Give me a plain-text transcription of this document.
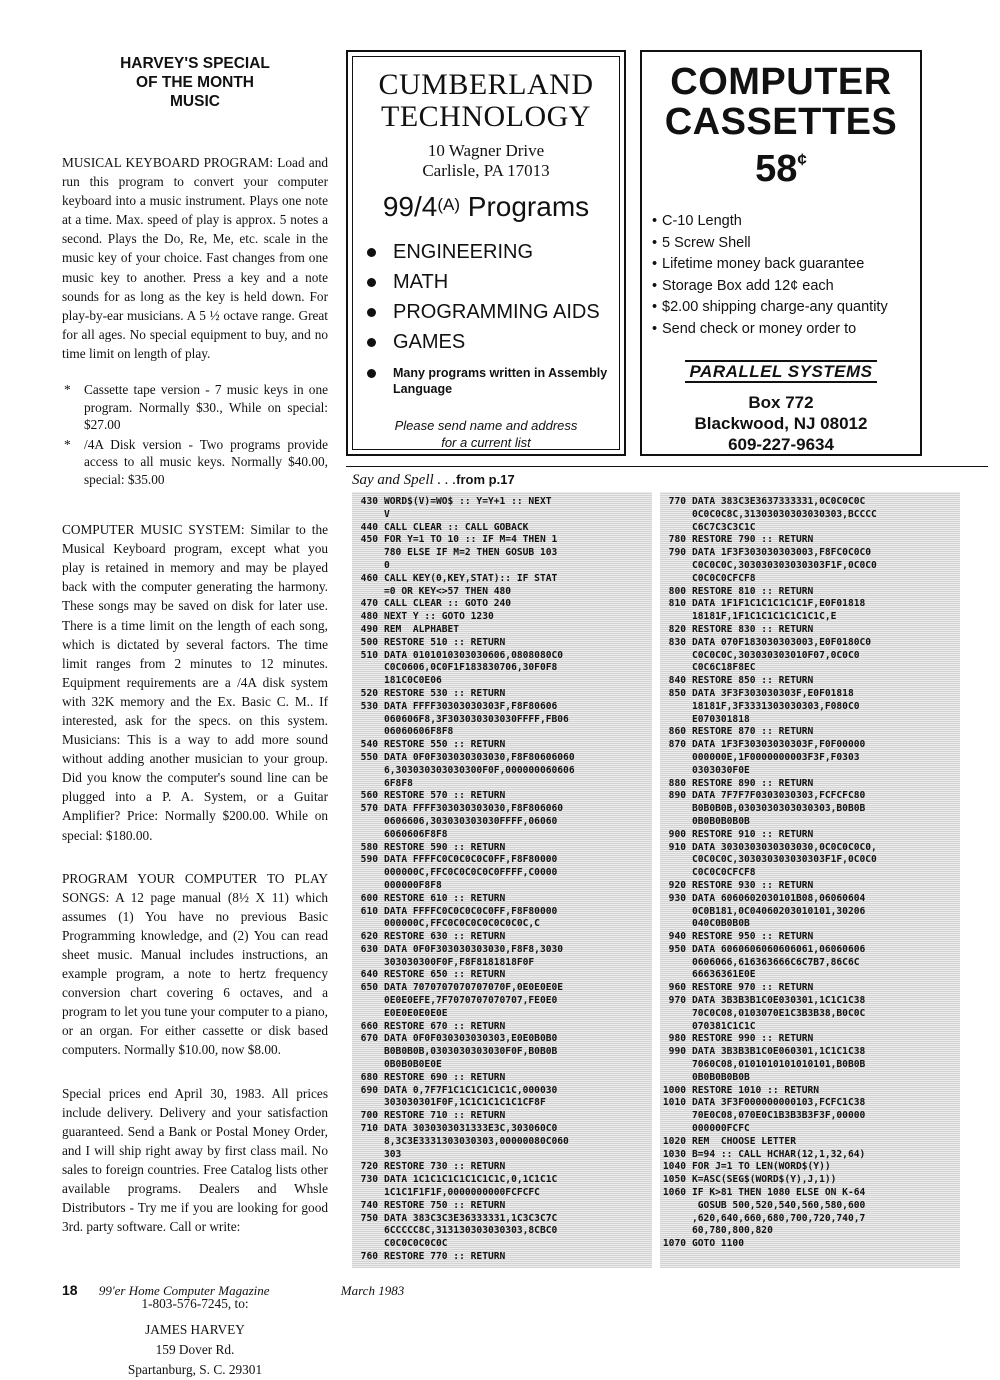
HARVEY'S SPECIAL
OF THE MONTH
MUSIC

MUSICAL KEYBOARD PROGRAM: Load and run this program to convert your computer keyboard into a music instrument. Plays one note at a time. Max. speed of play is approx. 5 notes a second. Plays the Do, Re, Me, etc. scale in the music key of your choice. Fast changes from one music key to another. Press a key and a note sounds for as long as the key is held down. For play-by-ear musicians. A 5 ½ octave range. Great for all ages. No special equipment to buy, and no time limit on length of play.

* Cassette tape version - 7 music keys in one program. Normally $30., While on special: $27.00
* /4A Disk version - Two programs provide access to all music keys. Normally $40.00, special: $35.00

COMPUTER MUSIC SYSTEM: Similar to the Musical Keyboard program, except what you play is retained in memory and may be played back with the computer generating the harmony. These songs may be saved on disk for later use. There is a time limit on the length of each song, which is dictated by several factors. The time limit ranges from 2 minutes to 12 minutes. Equipment requirements are a /4A disk system with 32K memory and the Ex. Basic C. M.. If interested, ask for the specs. on this system. Musicians: This is a way to add more sound without adding another musician to your group. Did you know the computer's sound line can be plugged into a P. A. System, or a Guitar Amplifier? Price: Normally $200.00. While on special: $180.00.

PROGRAM YOUR COMPUTER TO PLAY SONGS: A 12 page manual (8½ X 11) which assumes (1) You have no previous Basic Programming knowledge, and (2) You can read sheet music. Manual includes instructions, an example program, a note to hertz frequency conversion chart covering 6 octaves, and a program to let you tune your computer to a piano, or an organ. For either cassette or disk based computers. Normally $10.00, now $8.00.

Special prices end April 30, 1983. All prices include delivery. Delivery and your satisfaction guaranteed. Send a Bank or Postal Money Order, and I will ship right away by first class mail. No sales to foreign countries. Free Catalog lists other available programs. Dealers and Whsle Distributors - Try me if you are looking for good 3rd. party software. Call or write:

1-803-576-7245, to:
JAMES HARVEY
159 Dover Rd.
Spartanburg, S. C. 29301
CUMBERLAND
TECHNOLOGY
10 Wagner Drive
Carlisle, PA 17013
$99/4^{(A)}$ Programs
ENGINEERING
MATH
PROGRAMMING AIDS
GAMES
Many programs written in Assembly Language
Please send name and address
for a current list
COMPUTER
CASSETTES
58¢
• C-10 Length
• 5 Screw Shell
• Lifetime money back guarantee
• Storage Box add 12¢ each
• $2.00 shipping charge-any quantity
• Send check or money order to
PARALLEL SYSTEMS
Box 772
Blackwood, NJ 08012
609-227-9634
Say and Spell . . .from p.17
430 WORD$(V)=WO$ :: Y=Y+1 :: NEXT
V
440 CALL CLEAR :: CALL GOBACK
450 FOR Y=1 TO 10 :: IF M=4 THEN 1
780 ELSE IF M=2 THEN GOSUB 103
0
460 CALL KEY(0,KEY,STAT):: IF STAT
=0 OR KEY<>57 THEN 480
470 CALL CLEAR :: GOTO 240
480 NEXT Y :: GOTO 1230
490 REM  ALPHABET
500 RESTORE 510 :: RETURN
510 DATA 0101010303030606,0808080C0
C0C0606,0C0F1F183830706,30F0F8
181C0C0E06
520 RESTORE 530 :: RETURN
530 DATA FFFF30303030303F,F8F80606
060606F8,3F303030303030FFFF,FB06
06060606F8F8
540 RESTORE 550 :: RETURN
550 DATA 0F0F303030303030,F8F80606060
6,303030303030300F0F,000000060606
6F8F8
560 RESTORE 570 :: RETURN
570 DATA FFFF303030303030,F8F806060
0606606,303030303030FFFF,06060
6060606F8F8
580 RESTORE 590 :: RETURN
590 DATA FFFFC0C0C0C0C0FF,F8F80000
000000C,FFC0C0C0C0C0FFFF,C0000
000000F8F8
600 RESTORE 610 :: RETURN
610 DATA FFFFC0C0C0C0C0FF,F8F80000
000000C,FFC0C0C0C0C0C0C0C,C
620 RESTORE 630 :: RETURN
630 DATA 0F0F303030303030,F8F8,3030
303030300F0F,F8F8181818F0F
640 RESTORE 650 :: RETURN
650 DATA 7070707070707070F,0E0E0E0E
0E0E0EFE,7F7070707070707,FE0E0
E0E0E0E0E0E
660 RESTORE 670 :: RETURN
670 DATA 0F0F030303030303,E0E0B0B0
B0B0B0B,0303030303030F0F,B0B0B
0B0B0B0E0E
680 RESTORE 690 :: RETURN
690 DATA 0,7F7F1C1C1C1C1C1C,000030
303030301F0F,1C1C1C1C1C1CF8F
700 RESTORE 710 :: RETURN
710 DATA 3030303031333E3C,303060C0
8,3C3E3331303030303,00000080C060
303
720 RESTORE 730 :: RETURN
730 DATA 1C1C1C1C1C1C1C1C,0,1C1C1C
1C1C1F1F1F,0000000000FCFCFC
740 RESTORE 750 :: RETURN
750 DATA 383C3C3E36333331,1C3C3C7C
6CCCCC8C,313130303030303,8CBC0
C0C0C0C0C0C
760 RESTORE 770 :: RETURN
770 DATA 383C3E3637333331,0C0C0C0C
0C0C0C8C,31303030303030303,BCCCC
C6C7C3C3C1C
780 RESTORE 790 :: RETURN
790 DATA 1F3F303030303003,F8FC0C0C0
C0C0C0C,303030303030303F1F,0C0C0
C0C0C0CFCF8
800 RESTORE 810 :: RETURN
810 DATA 1F1F1C1C1C1C1C1F,E0F01818
18181F,1F1C1C1C1C1C1C1C,E
820 RESTORE 830 :: RETURN
830 DATA 070F183030303003,E0F0180C0
C0C0C0C,303030303010F07,0C0C0
C0C6C18F8EC
840 RESTORE 850 :: RETURN
850 DATA 3F3F303030303F,E0F01818
18181F,3F3331303030303,F080C0
E070301818
860 RESTORE 870 :: RETURN
870 DATA 1F3F30303030303F,F0F00000
000000E,1F0000000003F3F,F0303
0303030F0E
880 RESTORE 890 :: RETURN
890 DATA 7F7F7F0303030303,FCFCFC80
B0B0B0B,0303030303030303,B0B0B
0B0B0B0B0B
900 RESTORE 910 :: RETURN
910 DATA 3030303030303030,0C0C0C0C0,
C0C0C0C,303030303030303F1F,0C0C0
C0C0C0CFCF8
920 RESTORE 930 :: RETURN
930 DATA 6060602030101B08,06060604
0C0B181,0C04060203010101,30206
040C0B0B0B
940 RESTORE 950 :: RETURN
950 DATA 6060606060606061,06060606
0606066,616363666C6C7B7,86C6C
66636361E0E
960 RESTORE 970 :: RETURN
970 DATA 3B3B3B1C0E030301,1C1C1C38
70C0C08,0103070E1C3B3B38,B0C0C
070381C1C1C
980 RESTORE 990 :: RETURN
990 DATA 3B3B3B1C0E060301,1C1C1C38
7060C08,0101010101010101,B0B0B
0B0B0B0B0B
1000 RESTORE 1010 :: RETURN
1010 DATA 3F3F000000000103,FCFC1C38
70E0C08,070E0C1B3B3B3F3F,00000
000000FCFC
1020 REM  CHOOSE LETTER
1030 B=94 :: CALL HCHAR(12,1,32,64)
1040 FOR J=1 TO LEN(WORD$(Y))
1050 K=ASC(SEG$(WORD$(Y),J,1))
1060 IF K>81 THEN 1080 ELSE ON K-64
GOSUB 500,520,540,560,580,600
,620,640,660,680,700,720,740,7
60,780,800,820
1070 GOTO 1100
18 99'er Home Computer Magazine	March 1983
